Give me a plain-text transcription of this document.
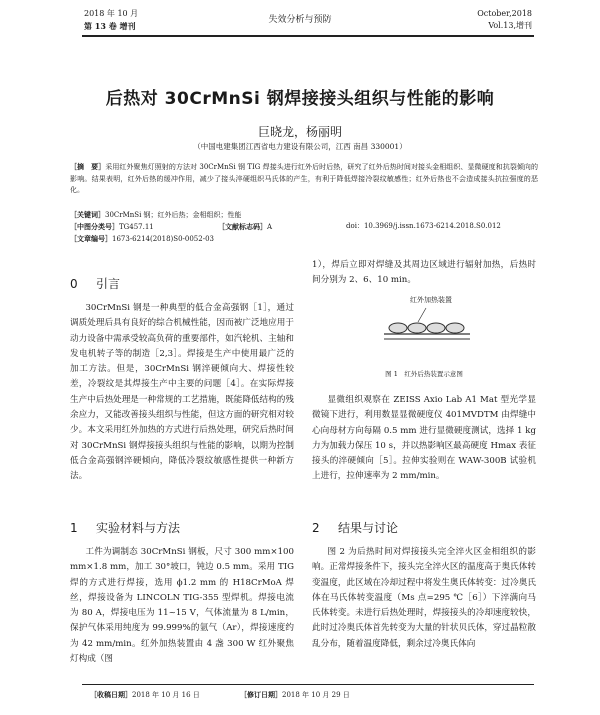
2018 年 10 月
第 13 卷 增刊
失效分析与预防
October,2018
Vol.13,增刊
后热对 30CrMnSi 钢焊接接头组织与性能的影响
巨晓龙，杨丽明
（中国电建集团江西省电力建设有限公司，江西 南昌 330001）
［摘　要］采用红外聚焦灯照射的方法对 30CrMnSi 钢 TIG 焊接头进行红外后时后热，研究了红外后热时间对接头金相组织、显微硬度和抗裂倾向的影响。结果表明，红外后热的缓冲作用，减少了接头淬硬组织马氏体的产生，有利于降低焊接冷裂纹敏感性；红外后热也不会造成接头抗拉强度的恶化。
［关键词］30CrMnSi 钢；红外后热；金相组织；性能
［中图分类号］TG457.11	［文献标志码］A	doi：10.3969/j.issn.1673-6214.2018.S0.012
［文章编号］1673-6214(2018)S0-0052-03
0 引言

30CrMnSi 钢是一种典型的低合金高强钢［1］，通过调质处理后具有良好的综合机械性能，因而被广泛地应用于动力设备中需承受较高负荷的重要部件，如汽轮机、主轴和发电机转子等的制造［2,3］。焊接是生产中使用最广泛的加工方法。但是，30CrMnSi 钢淬硬倾向大、焊接性较差，冷裂纹是其焊接生产中主要的问题［4］。在实际焊接生产中后热处理是一种常规的工艺措施，既能降低结构的残余应力，又能改善接头组织与性能，但这方面的研究相对较少。本文采用红外加热的方式进行后热处理，研究后热时间对 30CrMnSi 钢焊接接头组织与性能的影响，以期为控制低合金高强钢淬硬倾向，降低冷裂纹敏感性提供一种新方法。

1 实验材料与方法

工件为调制态 30CrMnSi 钢板，尺寸 300 mm×100 mm×1.8 mm，加工 30°坡口，钝边 0.5 mm。采用 TIG 焊的方式进行焊接，选用 ϕ1.2 mm 的 H18CrMoA 焊丝，焊接设备为 LINCOLN TIG-355 型焊机。焊接电流为 80 A，焊接电压为 11~15 V，气体流量为 8 L/min，保护气体采用纯度为 99.999%的氩气（Ar），焊接速度约为 42 mm/min。红外加热装置由 4 盏 300 W 红外聚焦灯构成（图

1），焊后立即对焊缝及其周边区域进行辐射加热，后热时间分别为 2、6、10 min。

红外加热装置
图 1　红外后热装置示意图

显微组织观察在 ZEISS Axio Lab A1 Mat 型光学显微镜下进行，利用数显显微硬度仪 401MVDTM 由焊缝中心向母材方向每隔 0.5 mm 进行显微硬度测试，选择 1 kg 力为加载力保压 10 s，并以热影响区最高硬度 Hmax 表征接头的淬硬倾向［5］。拉伸实验则在 WAW-300B 试验机上进行，拉伸速率为 2 mm/min。

2 结果与讨论

图 2 为后热时间对焊接接头完全淬火区金相组织的影响。正常焊接条件下，接头完全淬火区的温度高于奥氏体转变温度，此区域在冷却过程中将发生奥氏体转变：过冷奥氏体在马氏体转变温度（Ms 点=295 ℃［6］）下淬满向马氏体转变。未进行后热处理时，焊接接头的冷却速度较快，此时过冷奥氏体首先转变为大量的针状贝氏体，穿过晶粒散乱分布，随着温度降低，剩余过冷奥氏体向

［收稿日期］2018 年 10 月 16 日	［修订日期］2018 年 10 月 29 日
